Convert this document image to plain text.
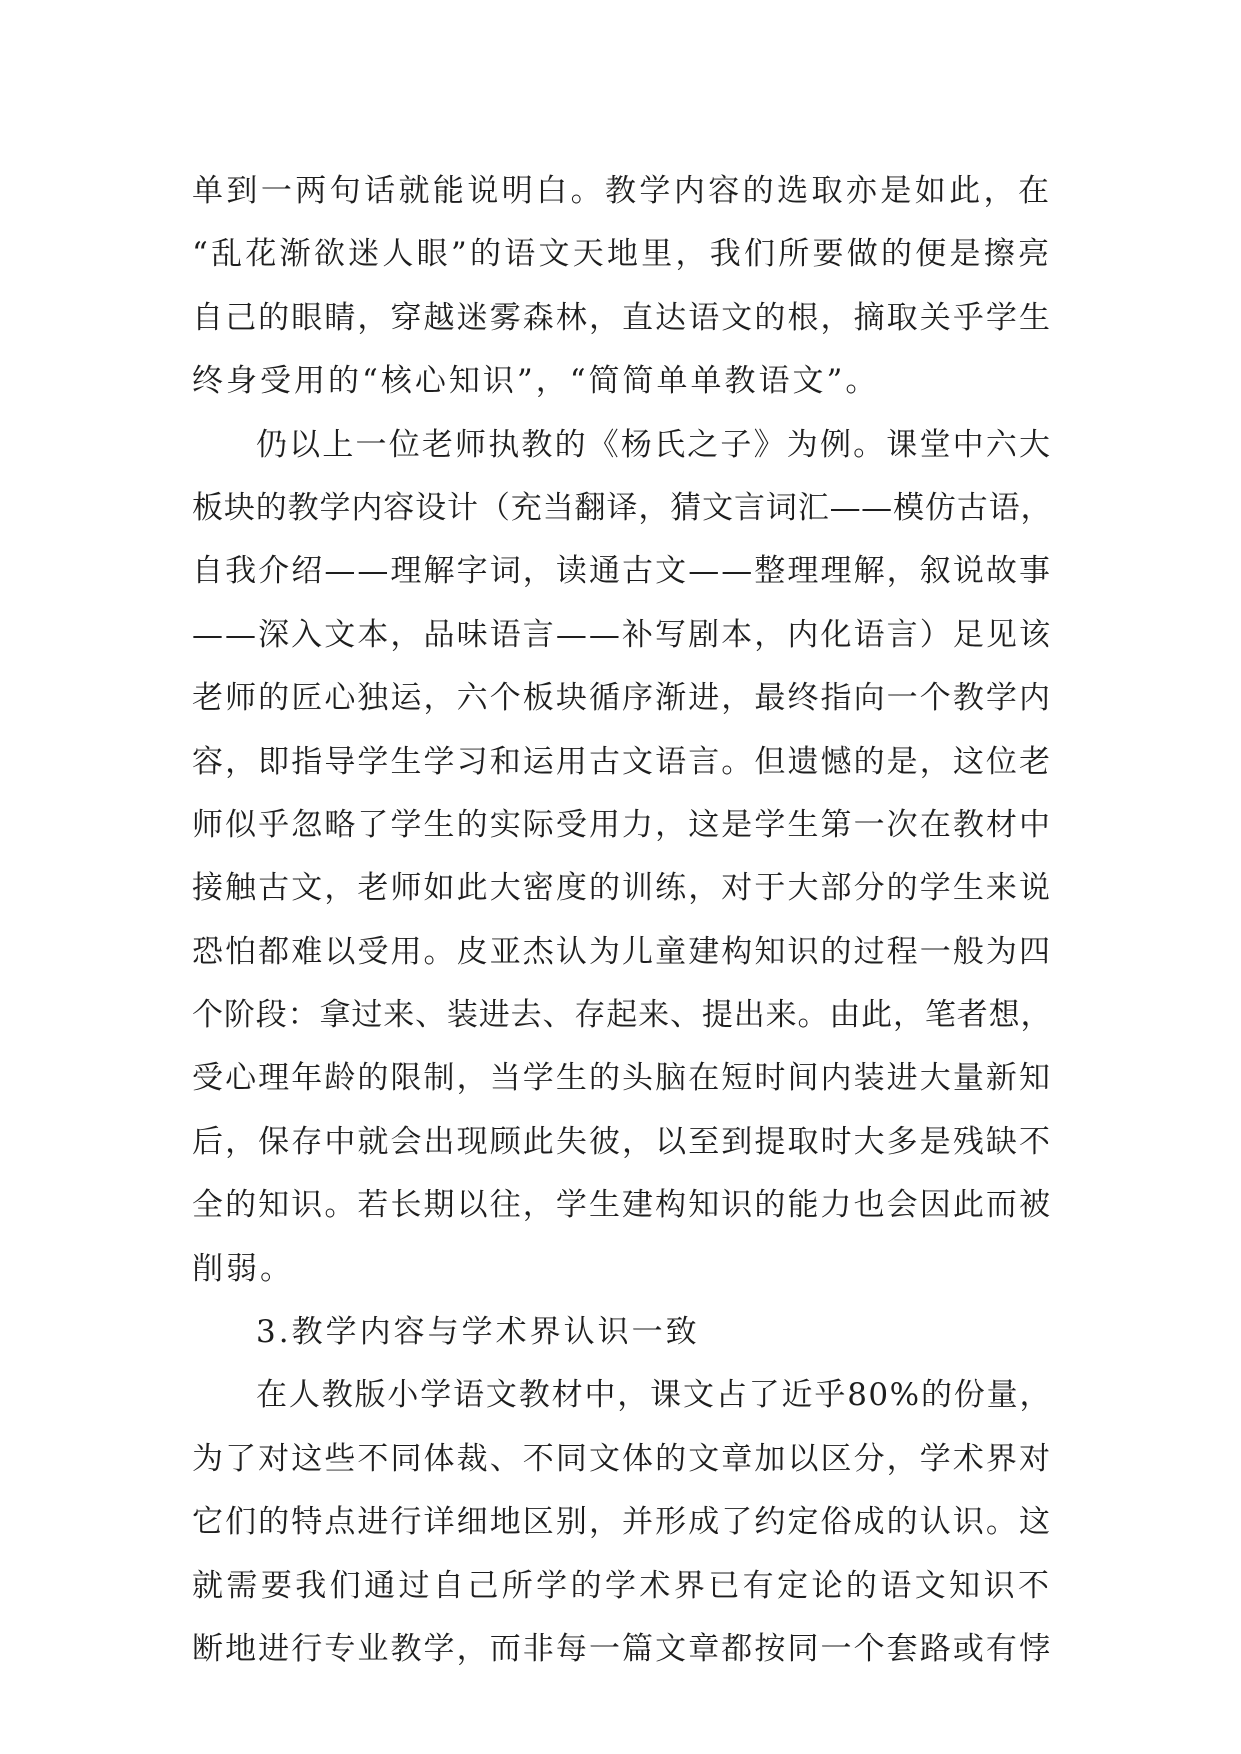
单到一两句话就能说明白。教学内容的选取亦是如此，在
“乱花渐欲迷人眼”的语文天地里，我们所要做的便是擦亮
自己的眼睛，穿越迷雾森林，直达语文的根，摘取关乎学生
终身受用的“核心知识”，“简简单单教语文”。
仍以上一位老师执教的《杨氏之子》为例。课堂中六大
板块的教学内容设计（充当翻译，猜文言词汇——模仿古语，
自我介绍——理解字词，读通古文——整理理解，叙说故事
——深入文本，品味语言——补写剧本，内化语言）足见该
老师的匠心独运，六个板块循序渐进，最终指向一个教学内
容，即指导学生学习和运用古文语言。但遗憾的是，这位老
师似乎忽略了学生的实际受用力，这是学生第一次在教材中
接触古文，老师如此大密度的训练，对于大部分的学生来说
恐怕都难以受用。皮亚杰认为儿童建构知识的过程一般为四
个阶段：拿过来、装进去、存起来、提出来。由此，笔者想，
受心理年龄的限制，当学生的头脑在短时间内装进大量新知
后，保存中就会出现顾此失彼，以至到提取时大多是残缺不
全的知识。若长期以往，学生建构知识的能力也会因此而被
削弱。
3.教学内容与学术界认识一致
在人教版小学语文教材中，课文占了近乎80%的份量，
为了对这些不同体裁、不同文体的文章加以区分，学术界对
它们的特点进行详细地区别，并形成了约定俗成的认识。这
就需要我们通过自己所学的学术界已有定论的语文知识不
断地进行专业教学，而非每一篇文章都按同一个套路或有悖
